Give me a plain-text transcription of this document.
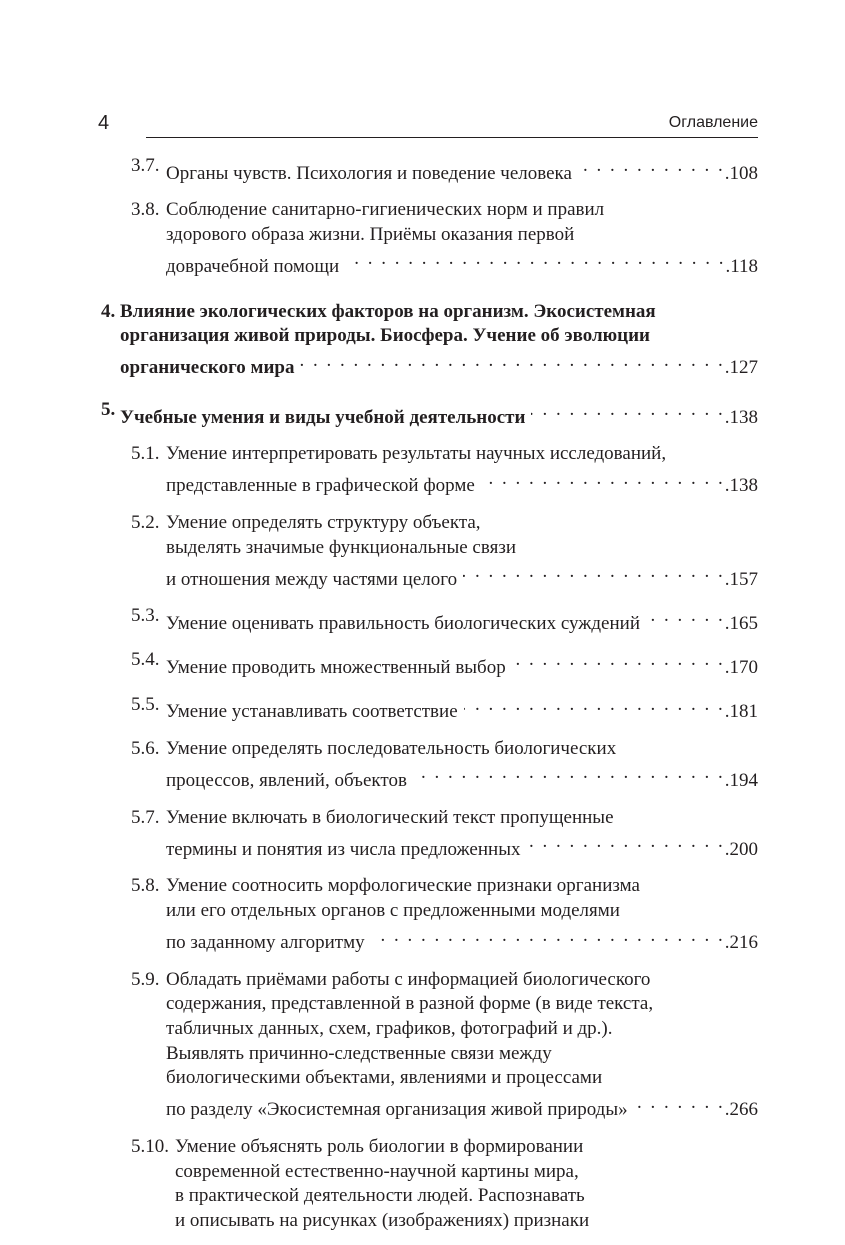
4	Оглавление
3.7. Органы чувств. Психология и поведение человека . . .	.108
3.8. Соблюдение санитарно-гигиенических норм и правил
здорового образа жизни. Приёмы оказания первой
доврачебной помощи . . .	.118
4. Влияние экологических факторов на организм. Экосистемная
организация живой природы. Биосфера. Учение об эволюции
органического мира . . .	.127
5. Учебные умения и виды учебной деятельности . . .	.138
5.1. Умение интерпретировать результаты научных исследований,
представленные в графической форме . . .	.138
5.2. Умение определять структуру объекта,
выделять значимые функциональные связи
и отношения между частями целого . . .	.157
5.3. Умение оценивать правильность биологических суждений . . .	.165
5.4. Умение проводить множественный выбор . . .	.170
5.5. Умение устанавливать соответствие . . .	.181
5.6. Умение определять последовательность биологических
процессов, явлений, объектов . . .	.194
5.7. Умение включать в биологический текст пропущенные
термины и понятия из числа предложенных . . .	.200
5.8. Умение соотносить морфологические признаки организма
или его отдельных органов с предложенными моделями
по заданному алгоритму . . .	.216
5.9. Обладать приёмами работы с информацией биологического
содержания, представленной в разной форме (в виде текста,
табличных данных, схем, графиков, фотографий и др.).
Выявлять причинно-следственные связи между
биологическими объектами, явлениями и процессами
по разделу «Экосистемная организация живой природы» . . .	.266
5.10. Умение объяснять роль биологии в формировании
современной естественно-научной картины мира,
в практической деятельности людей. Распознавать
и описывать на рисунках (изображениях) признаки
